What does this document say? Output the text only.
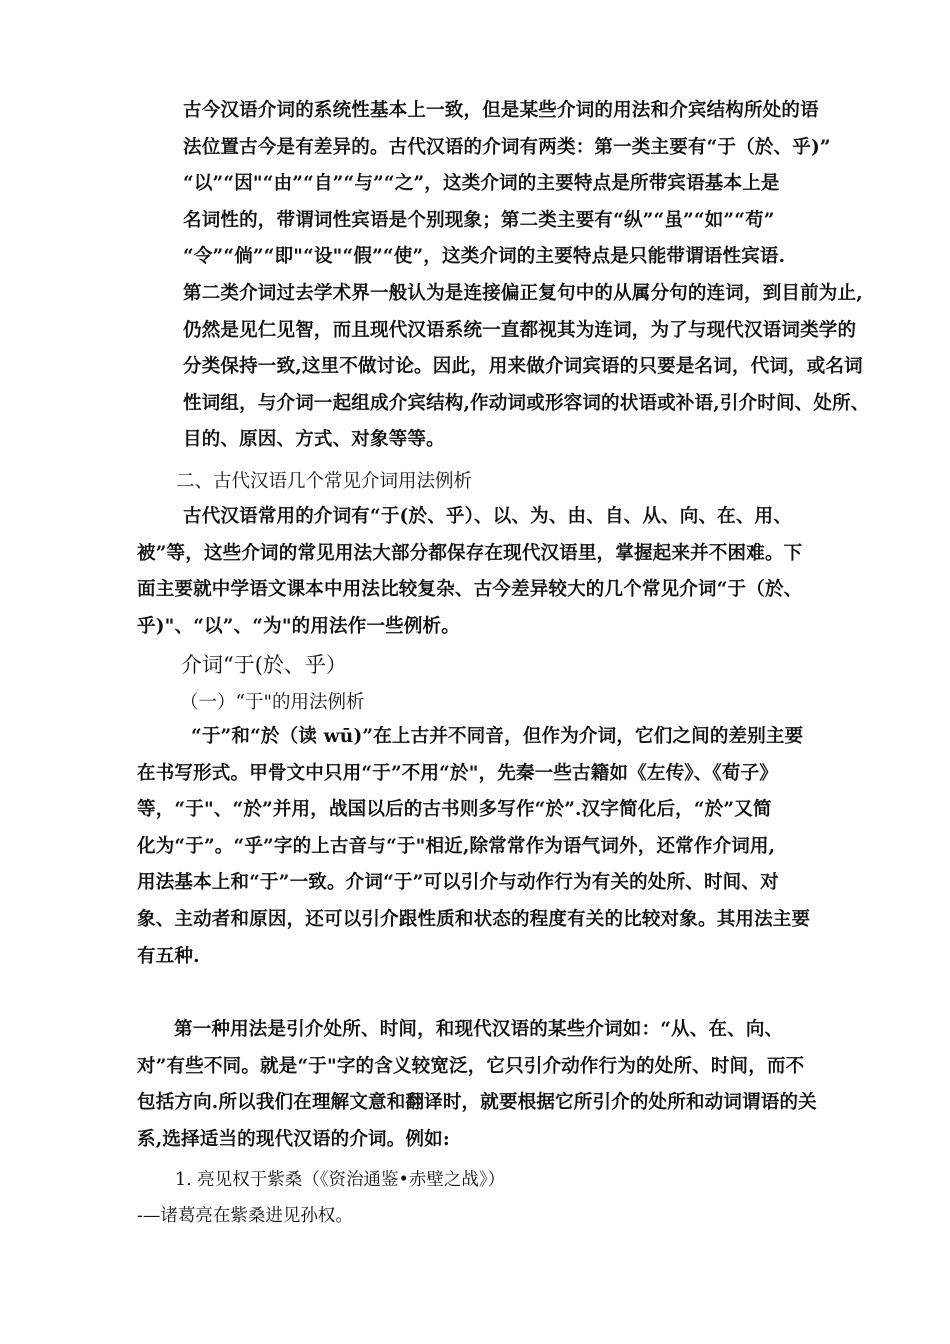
古今汉语介词的系统性基本上一致，但是某些介词的用法和介宾结构所处的语
法位置古今是有差异的。古代汉语的介词有两类：第一类主要有“于（於、乎)”
“以”“因"“由”“自”“与”“之”，这类介词的主要特点是所带宾语基本上是
名词性的，带谓词性宾语是个别现象；第二类主要有“纵”“虽”“如”“苟”
“令”“倘”“即"“设"“假”“使”，这类介词的主要特点是只能带谓语性宾语.
第二类介词过去学术界一般认为是连接偏正复句中的从属分句的连词，到目前为止,
仍然是见仁见智，而且现代汉语系统一直都视其为连词，为了与现代汉语词类学的
分类保持一致,这里不做讨论。因此，用来做介词宾语的只要是名词，代词，或名词
性词组，与介词一起组成介宾结构,作动词或形容词的状语或补语,引介时间、处所、
目的、原因、方式、对象等等。
二、古代汉语几个常见介词用法例析
古代汉语常用的介词有“于(於、乎）、以、为、由、自、从、向、在、用、
被”等，这些介词的常见用法大部分都保存在现代汉语里，掌握起来并不困难。下
面主要就中学语文课本中用法比较复杂、古今差异较大的几个常见介词“于（於、
乎)"、“以”、“为"的用法作一些例析。
介词“于(於、乎）
（一）“于"的用法例析
“于”和“於（读 wū)”在上古并不同音，但作为介词，它们之间的差别主要
在书写形式。甲骨文中只用“于”不用“於"，先秦一些古籍如《左传》、《荀子》
等，“于"、“於”并用，战国以后的古书则多写作“於”.汉字简化后，“於”又简
化为“于”。“乎”字的上古音与“于"相近,除常常作为语气词外，还常作介词用,
用法基本上和“于”一致。介词“于”可以引介与动作行为有关的处所、时间、对
象、主动者和原因，还可以引介跟性质和状态的程度有关的比较对象。其用法主要
有五种.
第一种用法是引介处所、时间，和现代汉语的某些介词如：“从、在、向、
对”有些不同。就是“于"字的含义较宽泛，它只引介动作行为的处所、时间，而不
包括方向.所以我们在理解文意和翻译时，就要根据它所引介的处所和动词谓语的关
系,选择适当的现代汉语的介词。例如:
1. 亮见权于紫桑（《资治通鉴•赤壁之战》）
-—诸葛亮在紫桑进见孙权。
